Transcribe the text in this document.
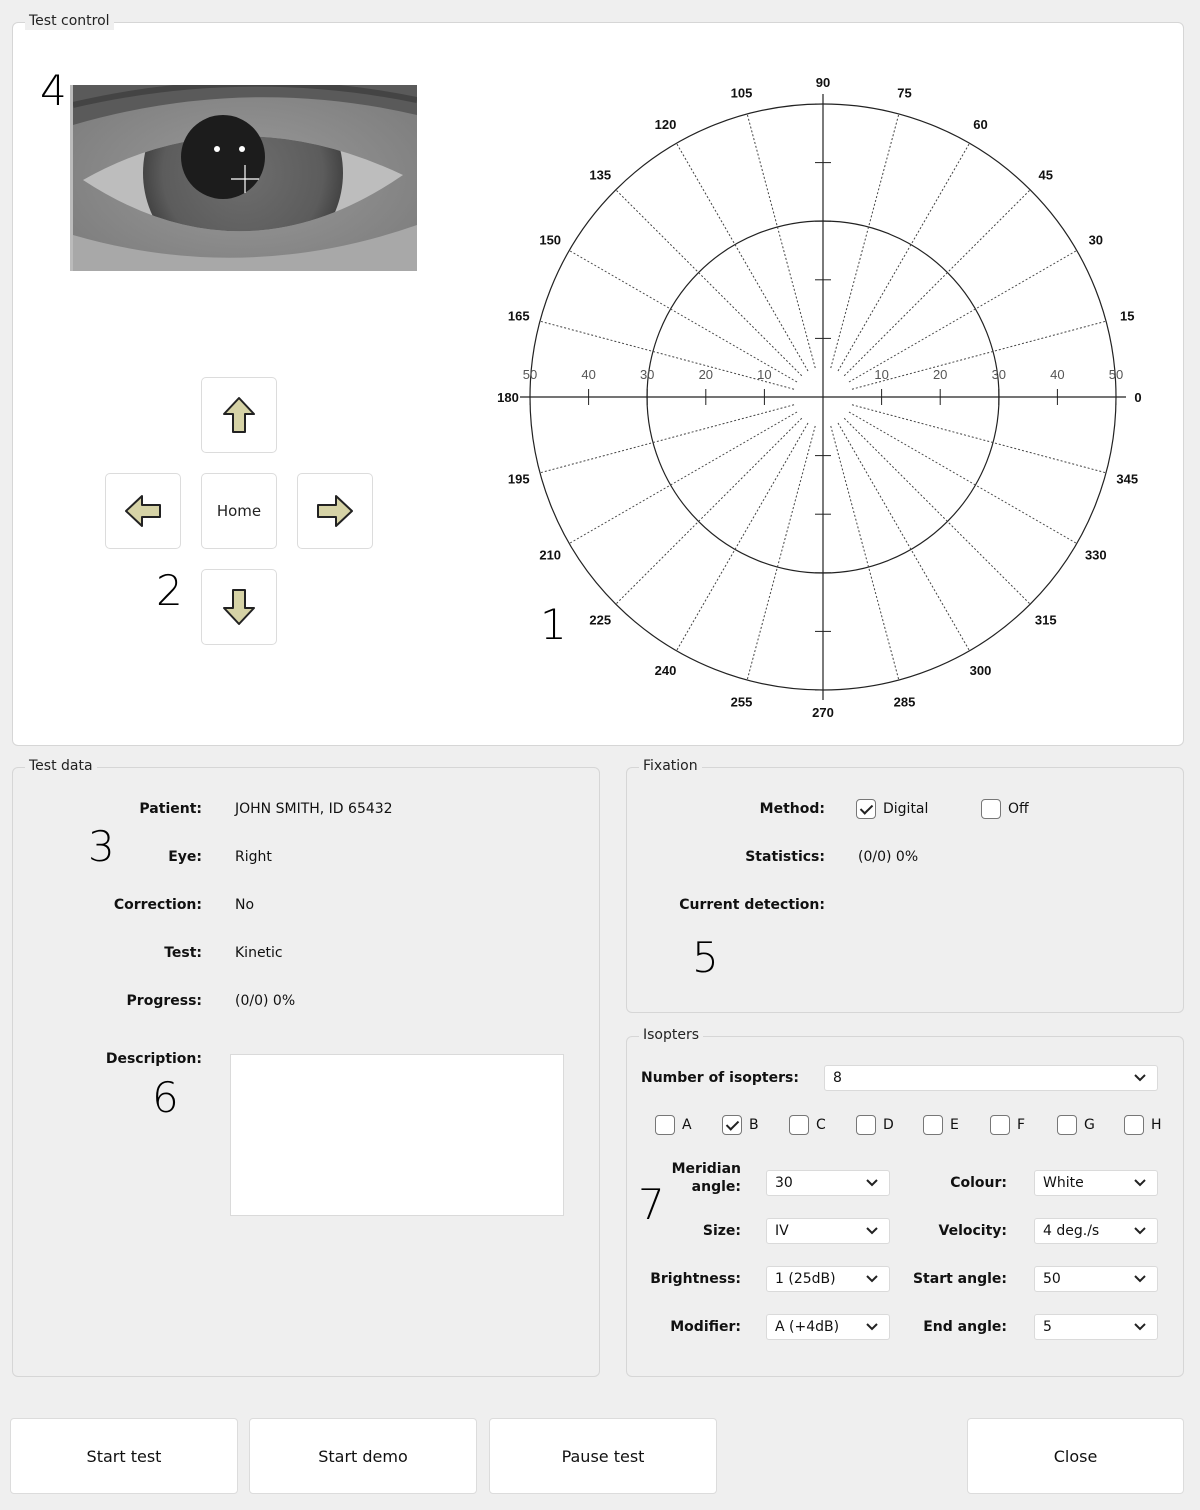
Test control
4
Home
2
0
15
30
45
60
75
90
105
120
135
150
165
180
195
210
225
240
255
270
285
300
315
330
345
50	40	30	20	10	10	20	30	40	50
1
Test data
Patient: JOHN SMITH, ID 65432
Eye: Right
Correction: No
Test: Kinetic
Progress: (0/0) 0%
Description:
3
6
Fixation
Method:	Digital	Off
Statistics: (0/0) 0%
Current detection:
5
Isopters
Number of isopters: 8
A	B	C	D	E	F	G	H
Meridian
angle: 30	Colour:	White
Size: IV	Velocity:	4 deg./s
Brightness: 1 (25dB)	Start angle:	50
Modifier: A (+4dB)	End angle:	5
7
Start test	Start demo	Pause test	Close
